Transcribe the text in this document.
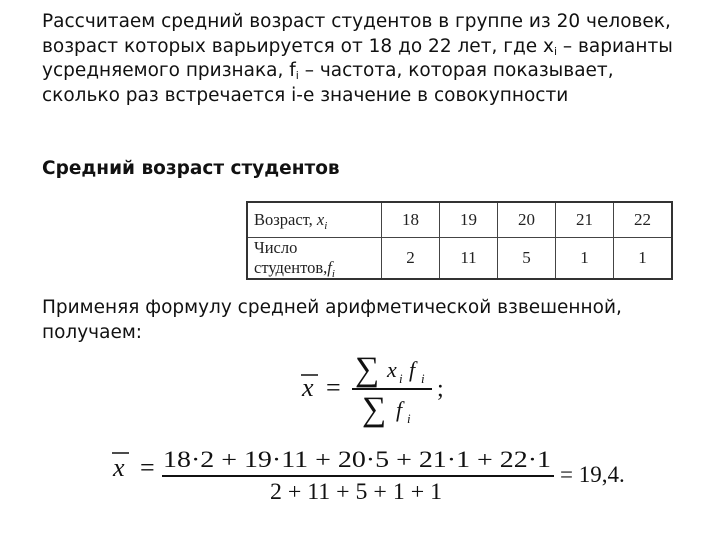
Рассчитаем средний возраст студентов в группе из 20 человек, возраст которых варьируется от 18 до 22 лет, где $x_i$ – варианты усредняемого признака, $f_i$ – частота, которая показывает, сколько раз встречается i-е значение в совокупности
Средний возраст студентов
Возраст, $x_i$	18	19	20	21	22
Число $студентов,f_i$	2	11	5	1	1
Применяя формулу средней арифметической взвешенной, получаем:
x = ∑ x i f i
∑ f i
;
x = 18·2 + 19·11 + 20·5 + 21·1 + 22·1
2 + 11 + 5 + 1 + 1
= 19,4.
